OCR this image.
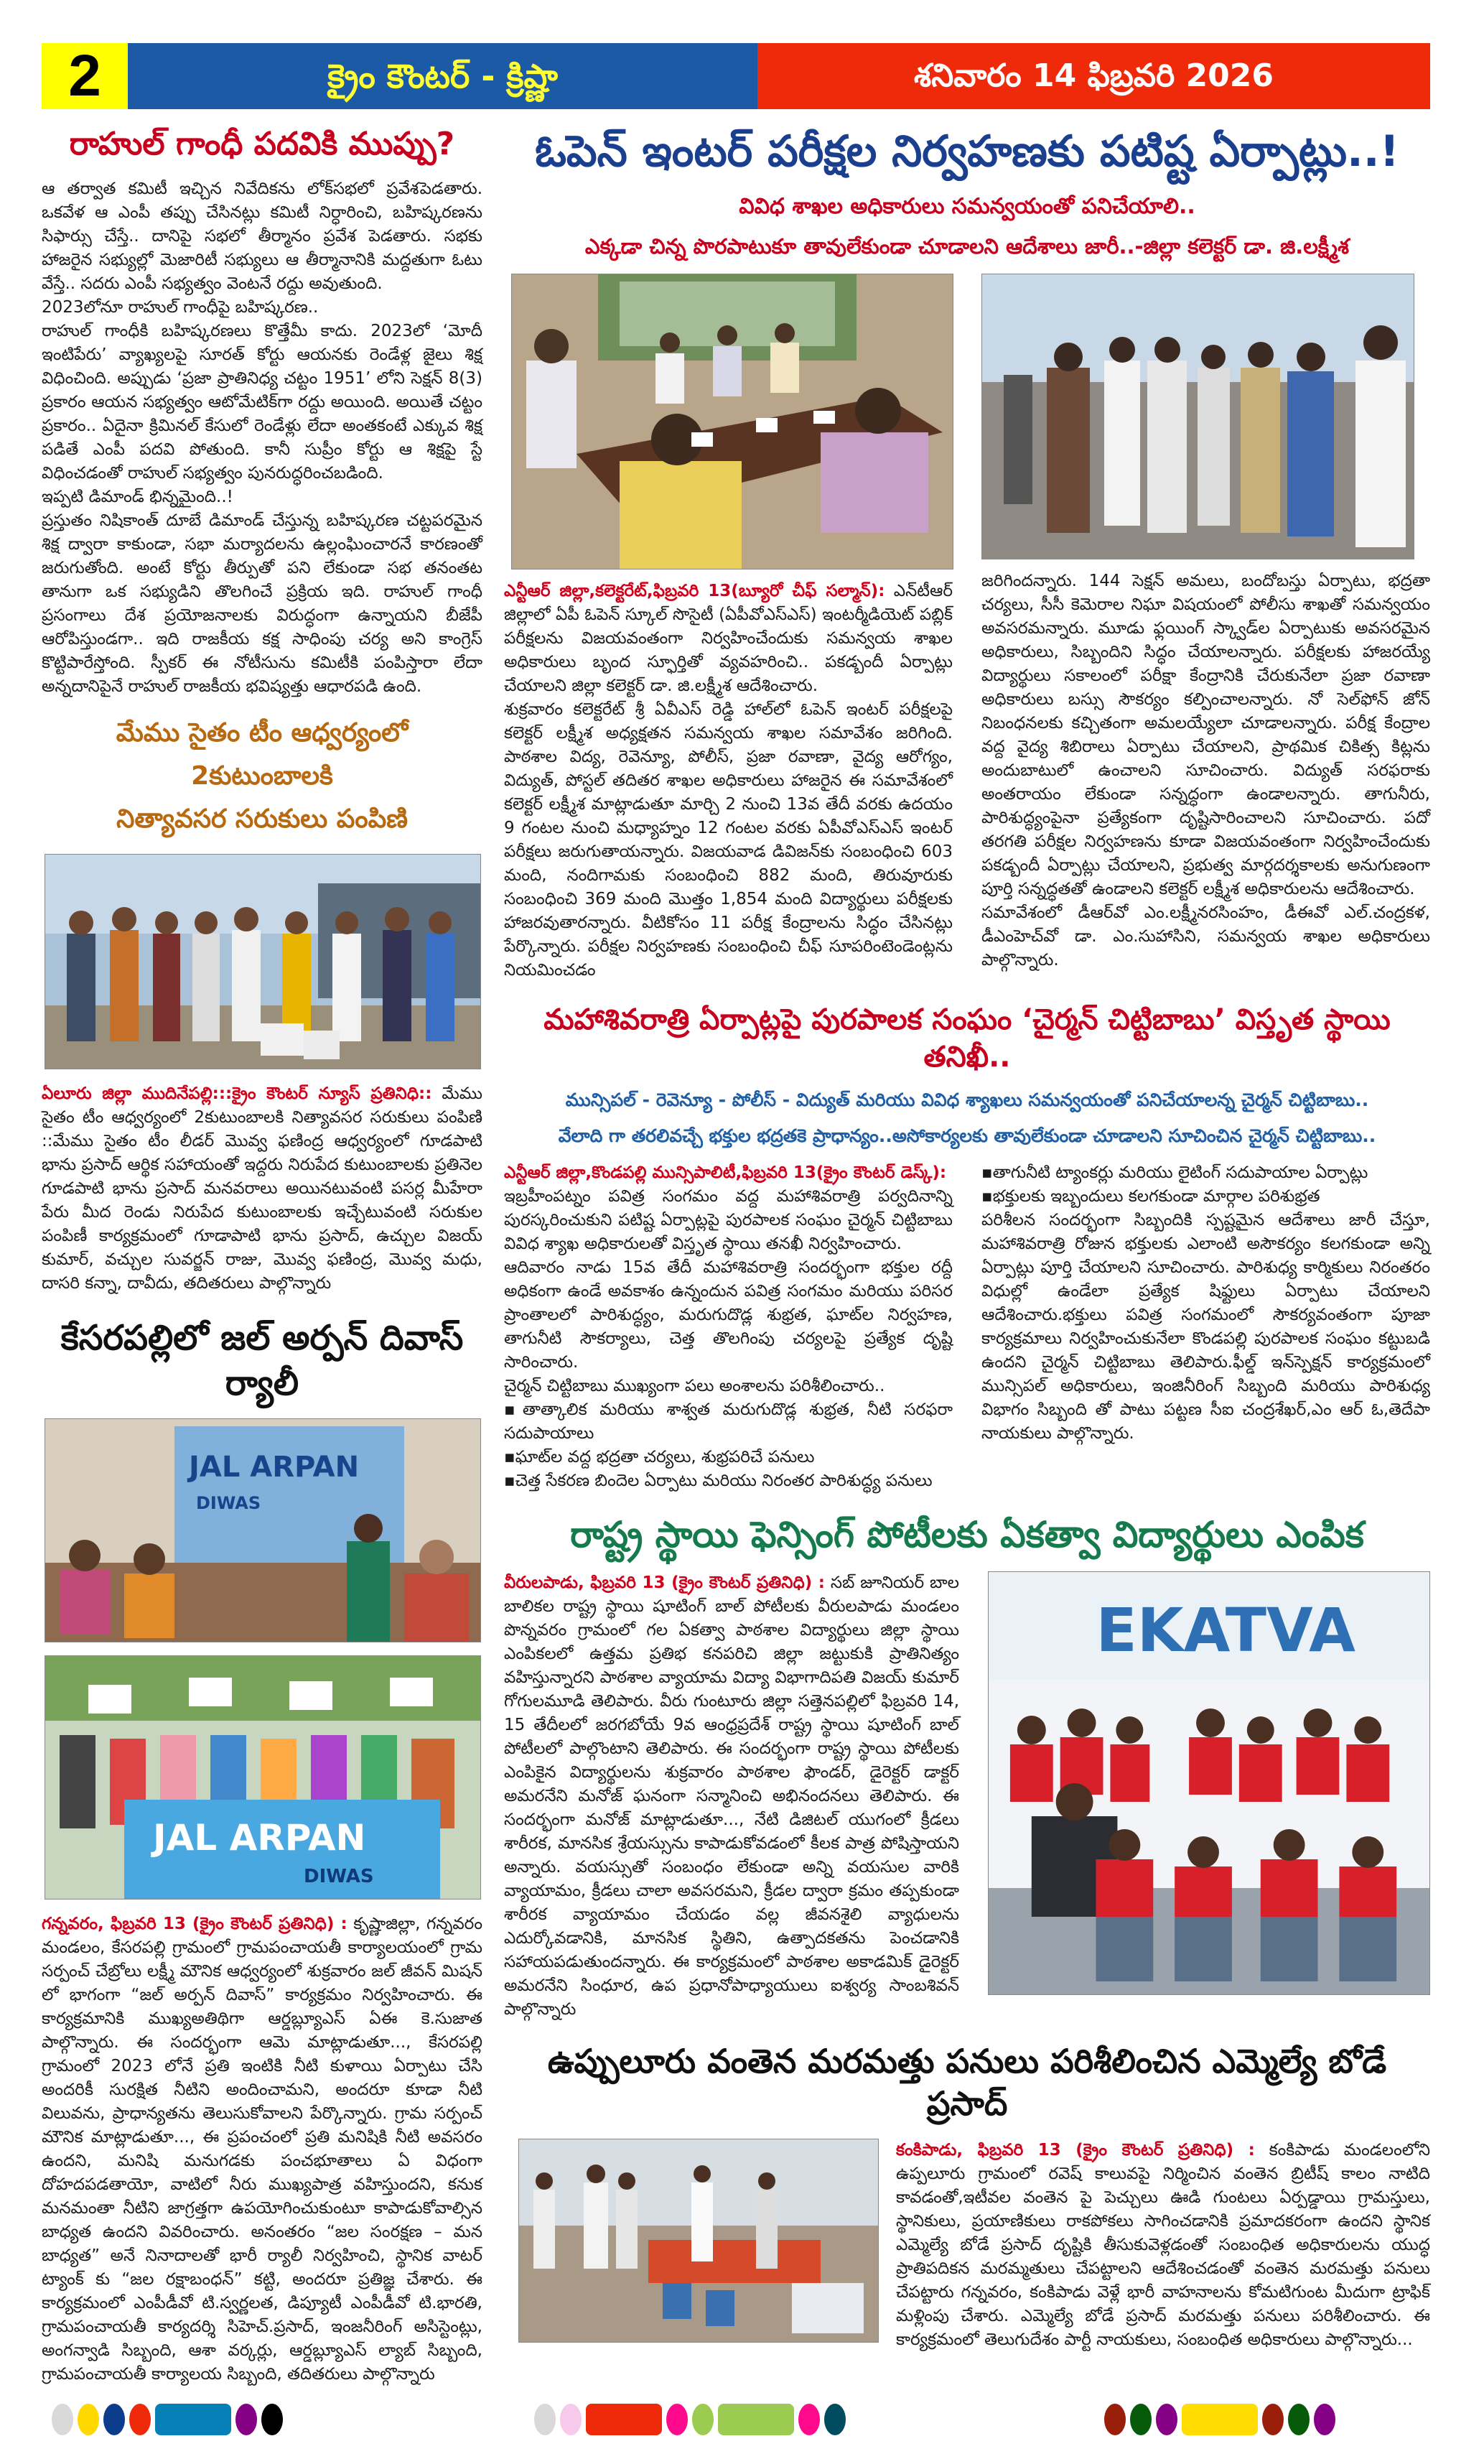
2	క్రైం కౌంటర్ - క్రిష్ణా	శనివారం 14 ఫిబ్రవరి 2026
రాహుల్ గాంధీ పదవికి ముప్పు?

ఆ తర్వాత కమిటీ ఇచ్చిన నివేదికను లోక్‌సభలో ప్రవేశపెడతారు. ఒకవేళ ఆ ఎంపీ తప్పు చేసినట్లు కమిటీ నిర్ధారించి, బహిష్కరణను సిఫార్సు చేస్తే.. దానిపై సభలో తీర్మానం ప్రవేశ పెడతారు. సభకు హాజరైన సభ్యుల్లో మెజారిటీ సభ్యులు ఆ తీర్మానానికి మద్దతుగా ఓటు వేస్తే.. సదరు ఎంపీ సభ్యత్వం వెంటనే రద్దు అవుతుంది.

2023లోనూ రాహుల్ గాంధీపై బహిష్కరణ..

రాహుల్ గాంధీకి బహిష్కరణలు కొత్తేమీ కాదు. 2023లో ‘మోదీ ఇంటిపేరు’ వ్యాఖ్యలపై సూరత్ కోర్టు ఆయనకు రెండేళ్ల జైలు శిక్ష విధించింది. అప్పుడు ‘ప్రజా ప్రాతినిధ్య చట్టం 1951’ లోని సెక్షన్ 8(3) ప్రకారం ఆయన సభ్యత్వం ఆటోమేటిక్‌గా రద్దు అయింది. అయితే చట్టం ప్రకారం.. ఏదైనా క్రిమినల్ కేసులో రెండేళ్లు లేదా అంతకంటే ఎక్కువ శిక్ష పడితే ఎంపీ పదవి పోతుంది. కానీ సుప్రీం కోర్టు ఆ శిక్షపై స్టే విధించడంతో రాహుల్ సభ్యత్వం పునరుద్ధరించబడింది.

ఇప్పటి డిమాండ్ భిన్నమైంది..!

ప్రస్తుతం నిషికాంత్ దూబే డిమాండ్ చేస్తున్న బహిష్కరణ చట్టపరమైన శిక్ష ద్వారా కాకుండా, సభా మర్యాదలను ఉల్లంఘించారనే కారణంతో జరుగుతోంది. అంటే కోర్టు తీర్పుతో పని లేకుండా సభ తనంతట తానుగా ఒక సభ్యుడిని తొలగించే ప్రక్రియ ఇది. రాహుల్ గాంధీ ప్రసంగాలు దేశ ప్రయోజనాలకు విరుద్ధంగా ఉన్నాయని బీజేపీ ఆరోపిస్తుండగా.. ఇది రాజకీయ కక్ష సాధింపు చర్య అని కాంగ్రెస్ కొట్టిపారేస్తోంది. స్పీకర్ ఈ నోటీసును కమిటీకి పంపిస్తారా లేదా అన్నదానిపైనే రాహుల్ రాజకీయ భవిష్యత్తు ఆధారపడి ఉంది.

మేము సైతం టీం ఆధ్వర్యంలో 2కుటుంబాలకి
నిత్యావసర సరుకులు పంపిణి

ఏలూరు జిల్లా ముదినేపల్లి:::క్రైం కౌంటర్ న్యూస్ ప్రతినిధి:: మేము సైతం టీం ఆధ్వర్యంలో 2కుటుంబాలకి నిత్యావసర సరుకులు పంపిణి ::మేము సైతం టీం లీడర్ మొవ్వ ఫణింద్ర ఆధ్వర్యంలో గూడపాటి భాను ప్రసాద్ ఆర్థిక సహాయంతో ఇద్దరు నిరుపేద కుటుంబాలకు ప్రతినెల గూడపాటి భాను ప్రసాద్ మనవరాలు అయినటువంటి పసర్ల మీహేరా పేరు మీద రెండు నిరుపేద కుటుంబాలకు ఇచ్చేటువంటి సరుకుల పంపిణీ కార్యక్రమంలో గూడాపాటి భాను ప్రసాద్, ఉచ్చుల విజయ్ కుమార్, వచ్చుల సువర్జన్ రాజు, మొవ్వ ఫణింద్ర, మొవ్వ మధు, దాసరి కన్నా, దావీదు, తదితరులు పాల్గొన్నారు

కేసరపల్లిలో జల్ అర్పన్ దివాస్ ర్యాలీ
JAL ARPAN
DIWAS
JAL ARPAN
DIWAS

గన్నవరం, ఫిబ్రవరి 13 (క్రైం కౌంటర్ ప్రతినిధి) : కృష్ణాజిల్లా, గన్నవరం మండలం, కేసరపల్లి గ్రామంలో గ్రామపంచాయతీ కార్యాలయంలో గ్రామ సర్పంచ్ చేబ్రోలు లక్ష్మీ మౌనిక ఆధ్వర్యంలో శుక్రవారం జల్ జీవన్ మిషన్ లో భాగంగా “జల్ అర్పన్ దివాస్” కార్యక్రమం నిర్వహించారు. ఈ కార్యక్రమానికి ముఖ్యఅతిథిగా ఆర్డబ్ల్యూఎస్ ఏఈ కె.సుజాత పాల్గొన్నారు. ఈ సందర్భంగా ఆమె మాట్లాడుతూ..., కేసరపల్లి గ్రామంలో 2023 లోనే ప్రతి ఇంటికి నీటి కుళాయి ఏర్పాటు చేసి అందరికీ సురక్షిత నీటిని అందించామని, అందరూ కూడా నీటి విలువను, ప్రాధాన్యతను తెలుసుకోవాలని పేర్కొన్నారు. గ్రామ సర్పంచ్ మౌనిక మాట్లాడుతూ..., ఈ ప్రపంచంలో ప్రతి మనిషికి నీటి అవసరం ఉందని, మనిషి మనుగడకు పంచభూతాలు ఏ విధంగా దోహదపడతాయో, వాటిలో నీరు ముఖ్యపాత్ర వహిస్తుందని, కనుక మనమంతా నీటిని జాగ్రత్తగా ఉపయోగించుకుంటూ కాపాడుకోవాల్సిన బాధ్యత ఉందని వివరించారు. అనంతరం “జల సంరక్షణ – మన బాధ్యత” అనే నినాదాలతో భారీ ర్యాలీ నిర్వహించి, స్థానిక వాటర్ ట్యాంక్ కు “జల రక్షాబంధన్” కట్టి, అందరూ ప్రతిజ్ఞ చేశారు. ఈ కార్యక్రమంలో ఎంపీడీవో టి.స్వర్ణలత, డిప్యూటీ ఎంపీడీవో టి.భారతి, గ్రామపంచాయతీ కార్యదర్శి సిహెచ్.ప్రసాద్, ఇంజనీరింగ్ అసిస్టెంట్లు, అంగన్వాడి సిబ్బంది, ఆశా వర్కర్లు, ఆర్డబ్ల్యూఎస్ ల్యాబ్ సిబ్బంది, గ్రామపంచాయతీ కార్యాలయ సిబ్బంది, తదితరులు పాల్గొన్నారు

ఓపెన్ ఇంటర్ పరీక్షల నిర్వహణకు పటిష్ట ఏర్పాట్లు..!
వివిధ శాఖల అధికారులు సమన్వయంతో పనిచేయాలి..
ఎక్కడా చిన్న పొరపాటుకూ తావులేకుండా చూడాలని ఆదేశాలు జారీ..-జిల్లా కలెక్టర్ డా. జి.లక్ష్మీశ

ఎన్టీఆర్ జిల్లా,కలెక్టరేట్,ఫిబ్రవరి 13(బ్యూరో చీఫ్ సల్మాన్): ఎన్‌టీఆర్ జిల్లాలో ఏపీ ఓపెన్ స్కూల్ సొసైటీ (ఏపీవోఎస్ఎస్) ఇంటర్మీడియెట్ పబ్లిక్ పరీక్షలను విజయవంతంగా నిర్వహించేందుకు సమన్వయ శాఖల అధికారులు బృంద స్ఫూర్తితో వ్యవహరించి.. పకడ్బందీ ఏర్పాట్లు చేయాలని జిల్లా కలెక్టర్ డా. జి.లక్ష్మీశ ఆదేశించారు.

శుక్రవారం కలెక్టరేట్ శ్రీ ఏవీఎస్ రెడ్డి హాల్‌లో ఓపెన్ ఇంటర్ పరీక్షలపై కలెక్టర్ లక్ష్మీశ అధ్యక్షతన సమన్వయ శాఖల సమావేశం జరిగింది. పాఠశాల విద్య, రెవెన్యూ, పోలీస్, ప్రజా రవాణా, వైద్య ఆరోగ్యం, విద్యుత్, పోస్టల్ తదితర శాఖల అధికారులు హాజరైన ఈ సమావేశంలో కలెక్టర్ లక్ష్మీశ మాట్లాడుతూ మార్చి 2 నుంచి 13వ తేదీ వరకు ఉదయం 9 గంటల నుంచి మధ్యాహ్నం 12 గంటల వరకు ఏపీవోఎస్ఎస్ ఇంటర్ పరీక్షలు జరుగుతాయన్నారు. విజయవాడ డివిజన్‌కు సంబంధించి 603 మంది, నందిగామకు సంబంధించి 882 మంది, తిరువూరుకు సంబంధించి 369 మంది మొత్తం 1,854 మంది విద్యార్థులు పరీక్షలకు హాజరవుతారన్నారు. వీటికోసం 11 పరీక్ష కేంద్రాలను సిద్ధం చేసినట్లు పేర్కొన్నారు. పరీక్షల నిర్వహణకు సంబంధించి చీఫ్ సూపరింటెండెంట్లను నియమించడం

జరిగిందన్నారు. 144 సెక్షన్ అమలు, బందోబస్తు ఏర్పాటు, భద్రతా చర్యలు, సీసీ కెమెరాల నిఘా విషయంలో పోలీసు శాఖతో సమన్వయం అవసరమన్నారు. మూడు ఫ్లయింగ్ స్క్వాడ్‌ల ఏర్పాటుకు అవసరమైన అధికారులు, సిబ్బందిని సిద్ధం చేయాలన్నారు. పరీక్షలకు హాజరయ్యే విద్యార్థులు సకాలంలో పరీక్షా కేంద్రానికి చేరుకునేలా ప్రజా రవాణా అధికారులు బస్సు సౌకర్యం కల్పించాలన్నారు. నో సెల్‌ఫోన్ జోన్ నిబంధనలకు కచ్చితంగా అమలయ్యేలా చూడాలన్నారు. పరీక్ష కేంద్రాల వద్ద వైద్య శిబిరాలు ఏర్పాటు చేయాలని, ప్రాథమిక చికిత్స కిట్లను అందుబాటులో ఉంచాలని సూచించారు. విద్యుత్ సరఫరాకు అంతరాయం లేకుండా సన్నద్ధంగా ఉండాలన్నారు. తాగునీరు, పారిశుద్ధ్యంపైనా ప్రత్యేకంగా దృష్టిసారించాలని సూచించారు. పదో తరగతి పరీక్షల నిర్వహణను కూడా విజయవంతంగా నిర్వహించేందుకు పకడ్బందీ ఏర్పాట్లు చేయాలని, ప్రభుత్వ మార్గదర్శకాలకు అనుగుణంగా పూర్తి సన్నద్ధతతో ఉండాలని కలెక్టర్ లక్ష్మీశ అధికారులను ఆదేశించారు.

సమావేశంలో డీఆర్‌వో ఎం.లక్ష్మీనరసింహం, డీఈవో ఎల్.చంద్రకళ, డీఎంహెచ్‌వో డా. ఎం.సుహాసిని, సమన్వయ శాఖల అధికారులు పాల్గొన్నారు.

మహాశివరాత్రి ఏర్పాట్లపై పురపాలక సంఘం ‘చైర్మన్ చిట్టిబాబు’ విస్తృత స్థాయి తనిఖీ..
మున్సిపల్ - రెవెన్యూ - పోలీస్ - విద్యుత్ మరియు వివిధ శ్యాఖలు సమన్వయంతో పనిచేయాలన్న చైర్మన్ చిట్టిబాబు..
వేలాది గా తరలివచ్చే భక్తుల భద్రతకె ప్రాధాన్యం..అసోకార్యలకు తావులేకుండా చూడాలని సూచించిన చైర్మన్ చిట్టిబాబు..

ఎన్టీఆర్ జిల్లా,కొండపల్లి మున్సిపాలిటీ,ఫిబ్రవరి 13(క్రైం కౌంటర్ డెస్క్):

ఇబ్రహీంపట్నం పవిత్ర సంగమం వద్ద మహాశివరాత్రి పర్వదినాన్ని పురస్కరించుకుని పటిష్ట ఏర్పాట్లపై పురపాలక సంఘం చైర్మన్ చిట్టిబాబు వివిధ శ్యాఖ అధికారులతో విస్తృత స్థాయి తనఖీ నిర్వహించారు.

ఆదివారం నాడు 15వ తేదీ మహాశివరాత్రి సందర్భంగా భక్తుల రద్దీ అధికంగా ఉండే అవకాశం ఉన్నందున పవిత్ర సంగమం మరియు పరిసర ప్రాంతాలలో పారిశుద్ధ్యం, మరుగుదొడ్ల శుభ్రత, ఘాట్‌ల నిర్వహణ, తాగునీటి సౌకర్యాలు, చెత్త తొలగింపు చర్యలపై ప్రత్యేక దృష్టి సారించారు.

చైర్మన్ చిట్టిబాబు ముఖ్యంగా పలు అంశాలను పరిశీలించారు..

▪తాత్కాలిక మరియు శాశ్వత మరుగుదొడ్ల శుభ్రత, నీటి సరఫరా సదుపాయాలు

▪ఘాట్‌ల వద్ద భద్రతా చర్యలు, శుభ్రపరిచే పనులు

▪చెత్త సేకరణ బిందెల ఏర్పాటు మరియు నిరంతర పారిశుద్ధ్య పనులు

▪తాగునీటి ట్యాంకర్లు మరియు లైటింగ్ సదుపాయాల ఏర్పాట్లు

▪భక్తులకు ఇబ్బందులు కలగకుండా మార్గాల పరిశుభ్రత

పరిశీలన సందర్భంగా సిబ్బందికి స్పష్టమైన ఆదేశాలు జారీ చేస్తూ, మహాశివరాత్రి రోజున భక్తులకు ఎలాంటి అసౌకర్యం కలగకుండా అన్ని ఏర్పాట్లు పూర్తి చేయాలని సూచించారు. పారిశుధ్య కార్మికులు నిరంతరం విధుల్లో ఉండేలా ప్రత్యేక షిఫ్టులు ఏర్పాటు చేయాలని ఆదేశించారు.భక్తులు పవిత్ర సంగమంలో సౌకర్యవంతంగా పూజా కార్యక్రమాలు నిర్వహించుకునేలా కొండపల్లి పురపాలక సంఘం కట్టుబడి ఉందని చైర్మన్ చిట్టిబాబు తెలిపారు.ఫీల్డ్ ఇన్‌స్పెక్షన్ కార్యక్రమంలో మున్సిపల్ అధికారులు, ఇంజినీరింగ్ సిబ్బంది మరియు పారిశుధ్య విభాగం సిబ్బంది తో పాటు పట్టణ సీఐ చంద్రశేఖర్,ఎం ఆర్ ఓ,తెదేపా నాయకులు పాల్గొన్నారు.

రాష్ట్ర స్థాయి ఫెన్సింగ్ పోటీలకు ఏకత్వా విద్యార్థులు ఎంపిక

వీరులపాడు, ఫిబ్రవరి 13 (క్రైం కౌంటర్ ప్రతినిధి) : సబ్ జూనియర్ బాల బాలికల రాష్ట్ర స్థాయి షూటింగ్ బాల్ పోటీలకు వీరులపాడు మండలం పొన్నవరం గ్రామంలో గల ఏకత్వా పాఠశాల విద్యార్థులు జిల్లా స్థాయి ఎంపికలలో ఉత్తమ ప్రతిభ కనపరిచి జిల్లా జట్టుకుకి ప్రాతినిత్యం వహిస్తున్నారని పాఠశాల వ్యాయామ విద్యా విభాగాదిపతి విజయ్ కుమార్ గోగులమూడి తెలిపారు. వీరు గుంటూరు జిల్లా సత్తెనపల్లిలో ఫిబ్రవరి 14, 15 తేదీలలో జరగబోయే 9వ ఆంధ్రప్రదేశ్ రాష్ట్ర స్థాయి షూటింగ్ బాల్ పోటీలలో పాల్గొంటాని తెలిపారు. ఈ సందర్భంగా రాష్ట్ర స్థాయి పోటీలకు ఎంపికైన విద్యార్థులను శుక్రవారం పాఠశాల ఫౌండర్, డైరెక్టర్ డాక్టర్ అమరనేని మనోజ్ ఘనంగా సన్మానించి అభినందనలు తెలిపారు. ఈ సందర్భంగా మనోజ్ మాట్లాడుతూ..., నేటి డిజిటల్ యుగంలో క్రీడలు శారీరక, మానసిక శ్రేయస్సును కాపాడుకోవడంలో కీలక పాత్ర పోషిస్తాయని అన్నారు. వయస్సుతో సంబంధం లేకుండా అన్ని వయసుల వారికి వ్యాయామం, క్రీడలు చాలా అవసరమని, క్రీడల ద్వారా క్రమం తప్పకుండా శారీరక వ్యాయామం చేయడం వల్ల జీవనశైలి వ్యాధులను ఎదుర్కోవడానికి, మానసిక స్థితిని, ఉత్పాదకతను పెంచడానికి సహాయపడుతుందన్నారు. ఈ కార్యక్రమంలో పాఠశాల అకాడమిక్ డైరెక్టర్ అమరనేని సింధూర, ఉప ప్రధానోపాధ్యాయులు ఐశ్వర్య సాంబశివన్ పాల్గొన్నారు

EKATVA
ఉప్పులూరు వంతెన మరమత్తు పనులు పరిశీలించిన ఎమ్మెల్యే బోడే ప్రసాద్

కంకిపాడు, ఫిబ్రవరి 13 (క్రైం కౌంటర్ ప్రతినిధి) : కంకిపాడు మండలంలోని ఉప్పలూరు గ్రామంలో రవెష్ కాలువపై నిర్మించిన వంతెన బ్రిటీష్ కాలం నాటిది కావడంతో,ఇటీవల వంతెన పై పెచ్చులు ఊడి గుంటలు ఏర్పడ్డాయి గ్రామస్తులు, స్థానికులు, ప్రయాణికులు రాకపోకలు సాగించడానికి ప్రమాదకరంగా ఉందని స్థానిక ఎమ్మెల్యే బోడే ప్రసాద్ దృష్టికి తీసుకువెళ్లడంతో సంబంధిత అధికారులను యుద్ధ ప్రాతిపదికన మరమ్మతులు చేపట్టాలని ఆదేశించడంతో వంతెన మరమత్తు పనులు చేపట్టారు గన్నవరం, కంకిపాడు వెళ్లే భారీ వాహనాలను కోమటిగుంట మీదుగా ట్రాఫిక్ మళ్లింపు చేశారు. ఎమ్మెల్యే బోడే ప్రసాద్ మరమత్తు పనులు పరిశీలించారు. ఈ కార్యక్రమంలో తెలుగుదేశం పార్టీ నాయకులు, సంబంధిత అధికారులు పాల్గొన్నారు...
